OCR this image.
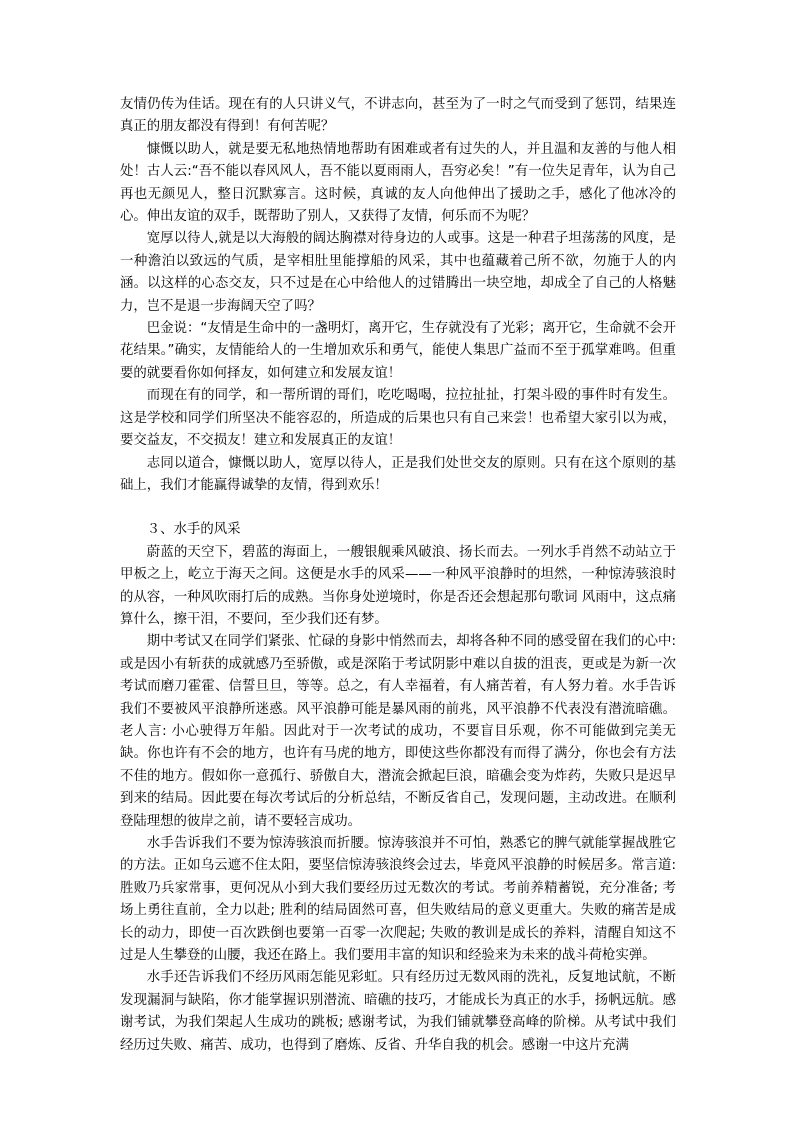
友情仍传为佳话。现在有的人只讲义气，不讲志向，甚至为了一时之气而受到了惩罚，结果连真正的朋友都没有得到！有何苦呢？

慷慨以助人，就是要无私地热情地帮助有困难或者有过失的人，并且温和友善的与他人相处！古人云:“吾不能以春风风人，吾不能以夏雨雨人，吾穷必矣！”有一位失足青年，认为自己再也无颜见人，整日沉默寡言。这时候，真诚的友人向他伸出了援助之手，感化了他冰冷的心。伸出友谊的双手，既帮助了别人，又获得了友情，何乐而不为呢？

宽厚以待人,就是以大海般的阔达胸襟对待身边的人或事。这是一种君子坦荡荡的风度，是一种澹泊以致远的气质，是宰相肚里能撑船的风采，其中也蕴藏着己所不欲，勿施于人的内涵。以这样的心态交友，只不过是在心中给他人的过错腾出一块空地，却成全了自己的人格魅力，岂不是退一步海阔天空了吗？

巴金说：“友情是生命中的一盏明灯，离开它，生存就没有了光彩；离开它，生命就不会开花结果。”确实，友情能给人的一生增加欢乐和勇气，能使人集思广益而不至于孤掌难鸣。但重要的就要看你如何择友，如何建立和发展友谊！

而现在有的同学，和一帮所谓的哥们，吃吃喝喝，拉拉扯扯，打架斗殴的事件时有发生。这是学校和同学们所坚决不能容忍的，所造成的后果也只有自己来尝！也希望大家引以为戒，要交益友，不交损友！建立和发展真正的友谊！

志同以道合，慷慨以助人，宽厚以待人，正是我们处世交友的原则。只有在这个原则的基础上，我们才能赢得诚挚的友情，得到欢乐！

３、水手的风采

蔚蓝的天空下，碧蓝的海面上，一艘银舰乘风破浪、扬长而去。一列水手肖然不动站立于甲板之上，屹立于海天之间。这便是水手的风采——一种风平浪静时的坦然，一种惊涛骇浪时的从容，一种风吹雨打后的成熟。当你身处逆境时，你是否还会想起那句歌词 风雨中，这点痛算什么，擦干泪，不要问，至少我们还有梦。

期中考试又在同学们紧张、忙碌的身影中悄然而去，却将各种不同的感受留在我们的心中: 或是因小有斩获的成就感乃至骄傲，或是深陷于考试阴影中难以自拔的沮丧，更或是为新一次考试而磨刀霍霍、信誓旦旦，等等。总之，有人幸福着，有人痛苦着，有人努力着。水手告诉我们不要被风平浪静所迷惑。风平浪静可能是暴风雨的前兆，风平浪静不代表没有潜流暗礁。老人言: 小心驶得万年船。因此对于一次考试的成功，不要盲目乐观，你不可能做到完美无缺。你也许有不会的地方，也许有马虎的地方，即使这些你都没有而得了满分，你也会有方法不佳的地方。假如你一意孤行、骄傲自大，潜流会掀起巨浪，暗礁会变为炸药，失败只是迟早到来的结局。因此要在每次考试后的分析总结，不断反省自己，发现问题，主动改进。在顺利登陆理想的彼岸之前，请不要轻言成功。

水手告诉我们不要为惊涛骇浪而折腰。惊涛骇浪并不可怕，熟悉它的脾气就能掌握战胜它的方法。正如乌云遮不住太阳，要坚信惊涛骇浪终会过去，毕竟风平浪静的时候居多。常言道: 胜败乃兵家常事，更何况从小到大我们要经历过无数次的考试。考前养精蓄锐，充分准备; 考场上勇往直前，全力以赴; 胜利的结局固然可喜，但失败结局的意义更重大。失败的痛苦是成长的动力，即使一百次跌倒也要第一百零一次爬起; 失败的教训是成长的养料，清醒自知这不过是人生攀登的山腰，我还在路上。我们要用丰富的知识和经验来为未来的战斗荷枪实弹。

水手还告诉我们不经历风雨怎能见彩虹。只有经历过无数风雨的洗礼，反复地试航，不断发现漏洞与缺陷，你才能掌握识别潜流、暗礁的技巧，才能成长为真正的水手，扬帆远航。感谢考试，为我们架起人生成功的跳板; 感谢考试，为我们铺就攀登高峰的阶梯。从考试中我们经历过失败、痛苦、成功，也得到了磨炼、反省、升华自我的机会。感谢一中这片充满
